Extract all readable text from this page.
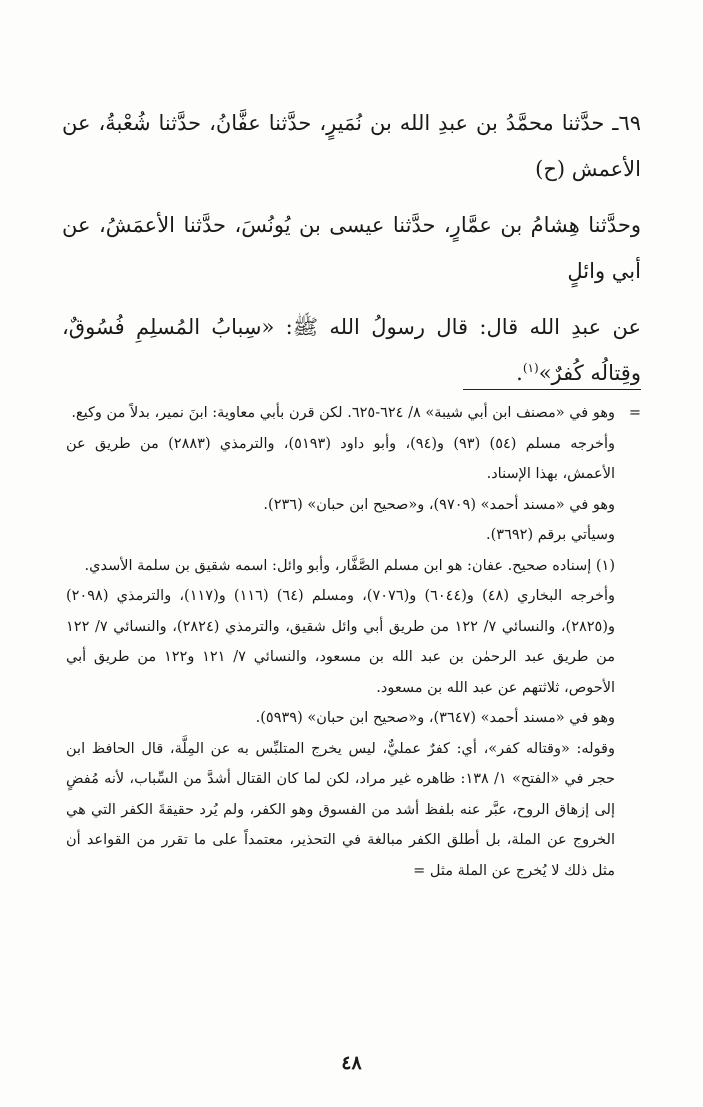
٦٩ـ حدَّثنا محمَّدُ بن عبدِ الله بن نُمَيرٍ، حدَّثنا عفَّانُ، حدَّثنا شُعْبةُ، عن الأعمش (ح)

وحدَّثنا هِشامُ بن عمَّارٍ، حدَّثنا عيسى بن يُونُسَ، حدَّثنا الأعمَشُ، عن أبي وائلٍ

عن عبدِ الله قال: قال رسولُ الله ﷺ: «سِبابُ المُسلِمِ فُسُوقٌ، وقِتالُه كُفرٌ»$^{(١)}$.

=

وهو في «مصنف ابن أبي شيبة» ٨/ ٦٢٤-٦٢٥. لكن قرن بأبي معاوية: ابنَ نمير، بدلاً من وكيع.

وأخرجه مسلم (٥٤) (٩٣) و(٩٤)، وأبو داود (٥١٩٣)، والترمذي (٢٨٨٣) من طريق عن الأعمش، بهذا الإسناد.

وهو في «مسند أحمد» (٩٧٠٩)، و«صحيح ابن حبان» (٢٣٦).

وسيأتي برقم (٣٦٩٢).

(١) إسناده صحيح. عفان: هو ابن مسلم الصَّفَّار، وأبو وائل: اسمه شقيق بن سلمة الأسدي.

وأخرجه البخاري (٤٨) و(٦٠٤٤) و(٧٠٧٦)، ومسلم (٦٤) (١١٦) و(١١٧)، والترمذي (٢٠٩٨) و(٢٨٢٥)، والنسائي ٧/ ١٢٢ من طريق أبي وائل شقيق، والترمذي (٢٨٢٤)، والنسائي ٧/ ١٢٢ من طريق عبد الرحمٰن بن عبد الله بن مسعود، والنسائي ٧/ ١٢١ و١٢٢ من طريق أبي الأحوص، ثلاثتهم عن عبد الله بن مسعود.

وهو في «مسند أحمد» (٣٦٤٧)، و«صحيح ابن حبان» (٥٩٣٩).

وقوله: «وقتاله كفر»، أي: كفرٌ عمليٌّ، ليس يخرج المتلبِّس به عن المِلَّة، قال الحافظ ابن حجر في «الفتح» ١/ ١٣٨: ظاهره غير مراد، لكن لما كان القتال أشدَّ من السِّباب، لأنه مُفضٍ إلى إزهاق الروح، عبَّر عنه بلفظ أشد من الفسوق وهو الكفر، ولم يُرد حقيقةَ الكفر التي هي الخروج عن الملة، بل أطلق الكفر مبالغة في التحذير، معتمداً على ما تقرر من القواعد أن مثل ذلك لا يُخرج عن الملة مثل =

٤٨
